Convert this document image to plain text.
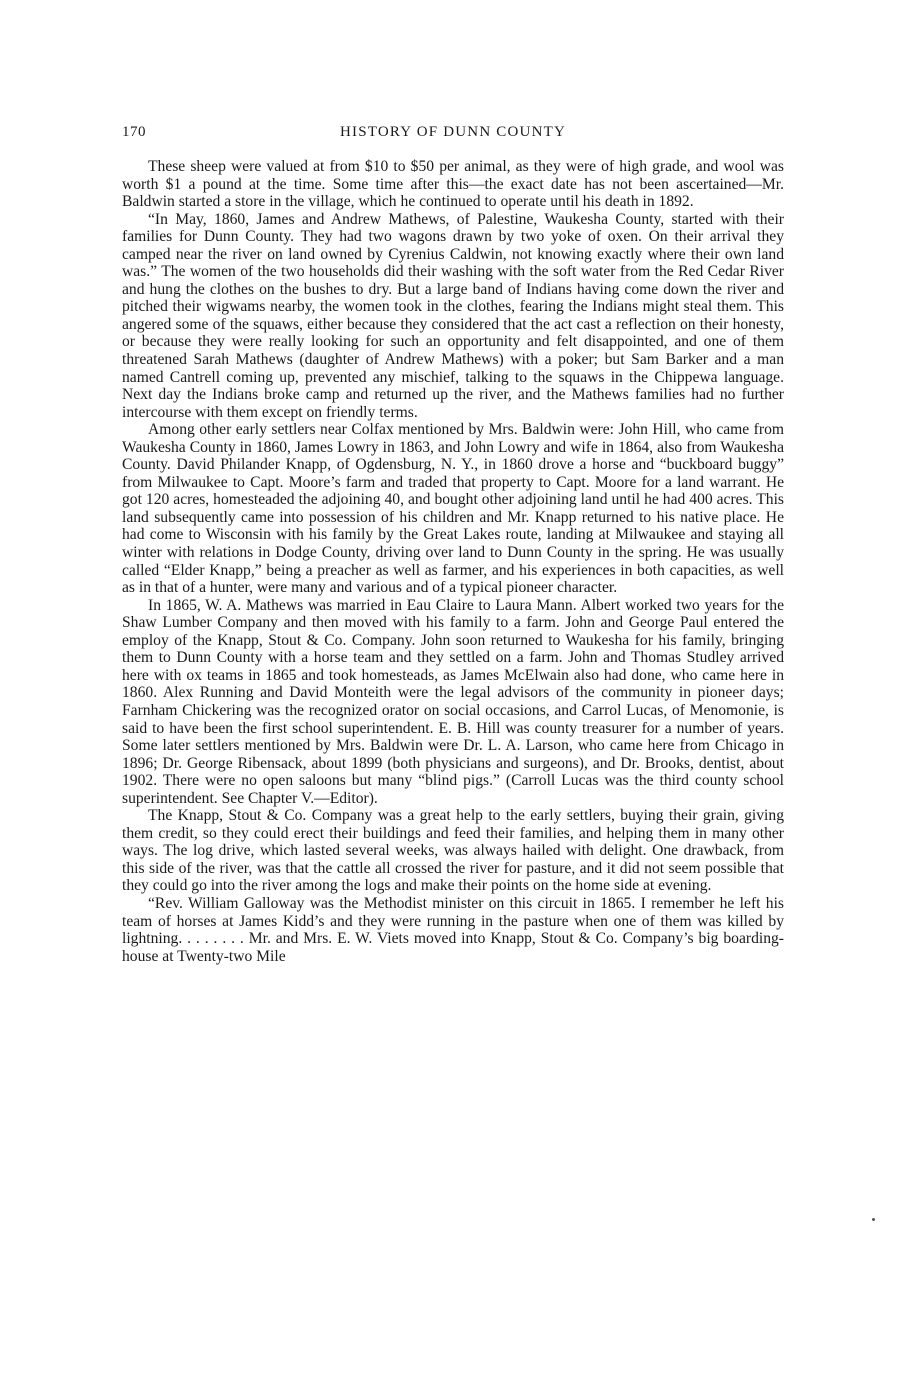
170	HISTORY OF DUNN COUNTY

These sheep were valued at from $10 to $50 per animal, as they were of high grade, and wool was worth $1 a pound at the time. Some time after this—the exact date has not been ascertained—Mr. Baldwin started a store in the village, which he continued to operate until his death in 1892.

“In May, 1860, James and Andrew Mathews, of Palestine, Waukesha County, started with their families for Dunn County. They had two wagons drawn by two yoke of oxen. On their arrival they camped near the river on land owned by Cyrenius Caldwin, not knowing exactly where their own land was.” The women of the two households did their washing with the soft water from the Red Cedar River and hung the clothes on the bushes to dry. But a large band of Indians having come down the river and pitched their wigwams nearby, the women took in the clothes, fearing the Indians might steal them. This angered some of the squaws, either because they considered that the act cast a reflection on their honesty, or because they were really looking for such an opportunity and felt disappointed, and one of them threatened Sarah Mathews (daughter of Andrew Mathews) with a poker; but Sam Barker and a man named Cantrell coming up, prevented any mischief, talking to the squaws in the Chippewa language. Next day the Indians broke camp and returned up the river, and the Mathews families had no further intercourse with them except on friendly terms.

Among other early settlers near Colfax mentioned by Mrs. Baldwin were: John Hill, who came from Waukesha County in 1860, James Lowry in 1863, and John Lowry and wife in 1864, also from Waukesha County. David Philander Knapp, of Ogdensburg, N. Y., in 1860 drove a horse and “buckboard buggy” from Milwaukee to Capt. Moore’s farm and traded that property to Capt. Moore for a land warrant. He got 120 acres, homesteaded the adjoining 40, and bought other adjoining land until he had 400 acres. This land subsequently came into possession of his children and Mr. Knapp returned to his native place. He had come to Wisconsin with his family by the Great Lakes route, landing at Milwaukee and staying all winter with relations in Dodge County, driving over land to Dunn County in the spring. He was usually called “Elder Knapp,” being a preacher as well as farmer, and his experiences in both capacities, as well as in that of a hunter, were many and various and of a typical pioneer character.

In 1865, W. A. Mathews was married in Eau Claire to Laura Mann. Albert worked two years for the Shaw Lumber Company and then moved with his family to a farm. John and George Paul entered the employ of the Knapp, Stout & Co. Company. John soon returned to Waukesha for his family, bringing them to Dunn County with a horse team and they settled on a farm. John and Thomas Studley arrived here with ox teams in 1865 and took homesteads, as James McElwain also had done, who came here in 1860. Alex Running and David Monteith were the legal advisors of the community in pioneer days; Farnham Chickering was the recognized orator on social occasions, and Carrol Lucas, of Menomonie, is said to have been the first school superintendent. E. B. Hill was county treasurer for a number of years. Some later settlers mentioned by Mrs. Baldwin were Dr. L. A. Larson, who came here from Chicago in 1896; Dr. George Ribensack, about 1899 (both physicians and surgeons), and Dr. Brooks, dentist, about 1902. There were no open saloons but many “blind pigs.” (Carroll Lucas was the third county school superintendent. See Chapter V.—Editor).

The Knapp, Stout & Co. Company was a great help to the early settlers, buying their grain, giving them credit, so they could erect their buildings and feed their families, and helping them in many other ways. The log drive, which lasted several weeks, was always hailed with delight. One drawback, from this side of the river, was that the cattle all crossed the river for pasture, and it did not seem possible that they could go into the river among the logs and make their points on the home side at evening.

“Rev. William Galloway was the Methodist minister on this circuit in 1865. I remember he left his team of horses at James Kidd’s and they were running in the pasture when one of them was killed by lightning. . . . . . . . Mr. and Mrs. E. W. Viets moved into Knapp, Stout & Co. Company’s big boarding-house at Twenty-two Mile
